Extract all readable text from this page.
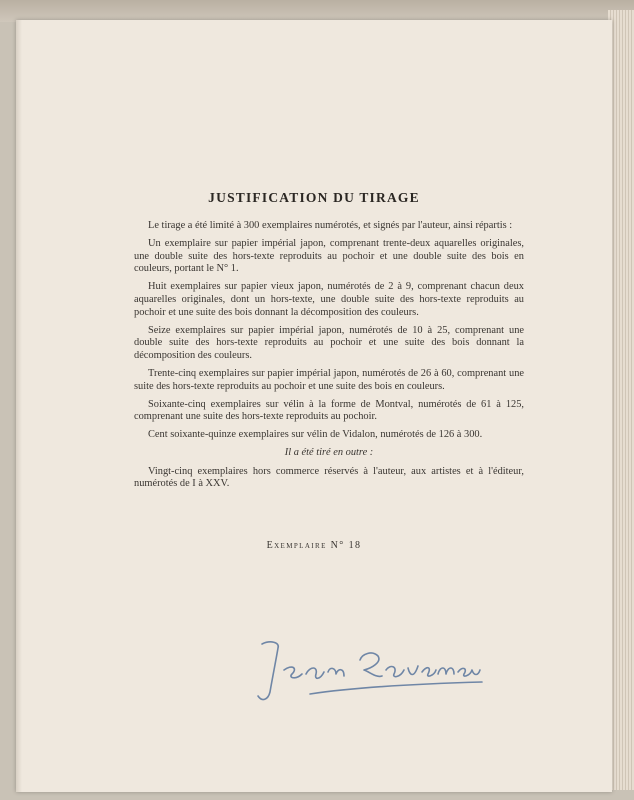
JUSTIFICATION DU TIRAGE

Le tirage a été limité à 300 exemplaires numérotés, et signés par l'auteur, ainsi répartis :

Un exemplaire sur papier impérial japon, comprenant trente-deux aquarelles originales, une double suite des hors-texte reproduits au pochoir et une double suite des bois en couleurs, portant le N° 1.

Huit exemplaires sur papier vieux japon, numérotés de 2 à 9, comprenant chacun deux aquarelles originales, dont un hors-texte, une double suite des hors-texte reproduits au pochoir et une suite des bois donnant la décomposition des couleurs.

Seize exemplaires sur papier impérial japon, numérotés de 10 à 25, comprenant une double suite des hors-texte reproduits au pochoir et une suite des bois donnant la décomposition des couleurs.

Trente-cinq exemplaires sur papier impérial japon, numérotés de 26 à 60, comprenant une suite des hors-texte reproduits au pochoir et une suite des bois en couleurs.

Soixante-cinq exemplaires sur vélin à la forme de Montval, numérotés de 61 à 125, comprenant une suite des hors-texte reproduits au pochoir.

Cent soixante-quinze exemplaires sur vélin de Vidalon, numérotés de 126 à 300.

Il a été tiré en outre :

Vingt-cinq exemplaires hors commerce réservés à l'auteur, aux artistes et à l'éditeur, numérotés de I à XXV.

Exemplaire N° 18
